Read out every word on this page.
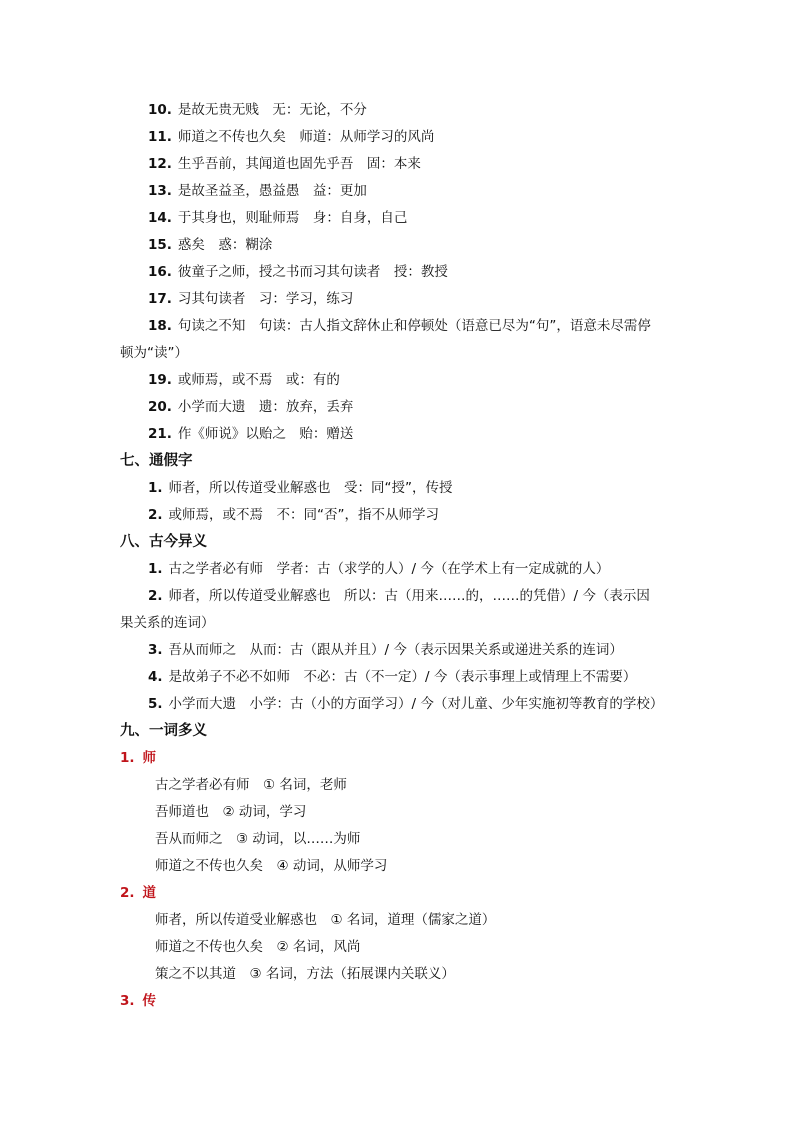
10. 是故无贵无贱　无：无论，不分
11. 师道之不传也久矣　师道：从师学习的风尚
12. 生乎吾前，其闻道也固先乎吾　固：本来
13. 是故圣益圣，愚益愚　益：更加
14. 于其身也，则耻师焉　身：自身，自己
15. 惑矣　惑：糊涂
16. 彼童子之师，授之书而习其句读者　授：教授
17. 习其句读者　习：学习，练习
18. 句读之不知　句读：古人指文辞休止和停顿处（语意已尽为“句”，语意未尽需停
顿为“读”）
19. 或师焉，或不焉　或：有的
20. 小学而大遗　遗：放弃，丢弃
21. 作《师说》以贻之　贻：赠送
七、通假字
1. 师者，所以传道受业解惑也　受：同“授”，传授
2. 或师焉，或不焉　不：同“否”，指不从师学习
八、古今异义
1. 古之学者必有师　学者：古（求学的人）/ 今（在学术上有一定成就的人）
2. 师者，所以传道受业解惑也　所以：古（用来……的，……的凭借）/ 今（表示因
果关系的连词）
3. 吾从而师之　从而：古（跟从并且）/ 今（表示因果关系或递进关系的连词）
4. 是故弟子不必不如师　不必：古（不一定）/ 今（表示事理上或情理上不需要）
5. 小学而大遗　小学：古（小的方面学习）/ 今（对儿童、少年实施初等教育的学校）
九、一词多义
1. 师
古之学者必有师　① 名词，老师
吾师道也　② 动词，学习
吾从而师之　③ 动词，以……为师
师道之不传也久矣　④ 动词，从师学习
2. 道
师者，所以传道受业解惑也　① 名词，道理（儒家之道）
师道之不传也久矣　② 名词，风尚
策之不以其道　③ 名词，方法（拓展课内关联义）
3. 传
